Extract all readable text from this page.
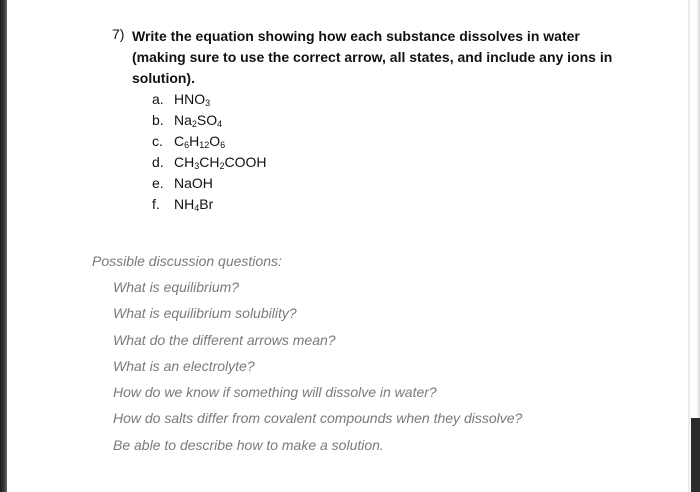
7) Write the equation showing how each substance dissolves in water (making sure to use the correct arrow, all states, and include any ions in solution).
a. $HNO_3$
b. $Na_2SO_4$
c. $C_6H_{12}O_6$
d. $CH_3CH_2COOH$
e. NaOH
f.	$NH_4Br$
Possible discussion questions:
What is equilibrium?
What is equilibrium solubility?
What do the different arrows mean?
What is an electrolyte?
How do we know if something will dissolve in water?
How do salts differ from covalent compounds when they dissolve?
Be able to describe how to make a solution.
